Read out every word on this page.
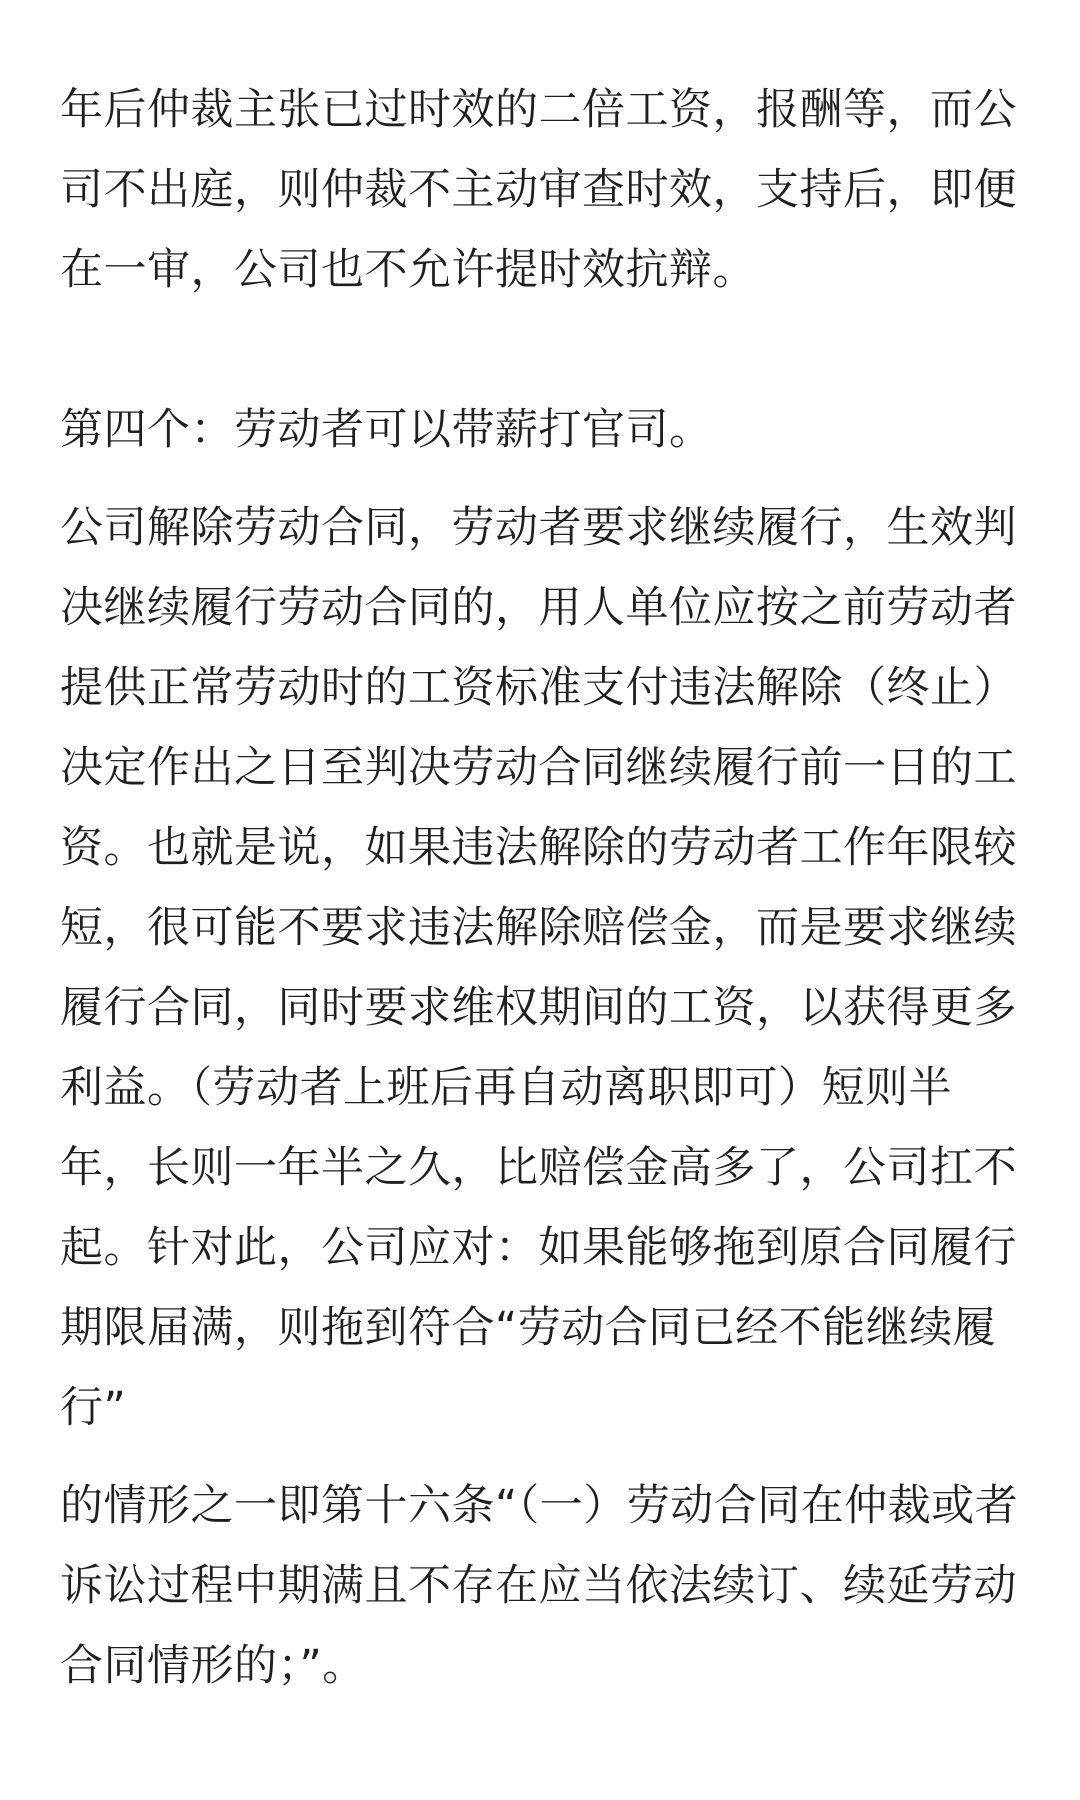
年后仲裁主张已过时效的二倍工资，报酬等，而公司不出庭，则仲裁不主动审查时效，支持后，即便在一审，公司也不允许提时效抗辩。

第四个：劳动者可以带薪打官司。

公司解除劳动合同，劳动者要求继续履行，生效判决继续履行劳动合同的，用人单位应按之前劳动者提供正常劳动时的工资标准支付违法解除（终止）决定作出之日至判决劳动合同继续履行前一日的工资。也就是说，如果违法解除的劳动者工作年限较短，很可能不要求违法解除赔偿金，而是要求继续履行合同，同时要求维权期间的工资，以获得更多利益。（劳动者上班后再自动离职即可）短则半年，长则一年半之久，比赔偿金高多了，公司扛不起。针对此，公司应对：如果能够拖到原合同履行期限届满，则拖到符合“劳动合同已经不能继续履行”

的情形之一即第十六条“（一）劳动合同在仲裁或者诉讼过程中期满且不存在应当依法续订、续延劳动合同情形的；”。
